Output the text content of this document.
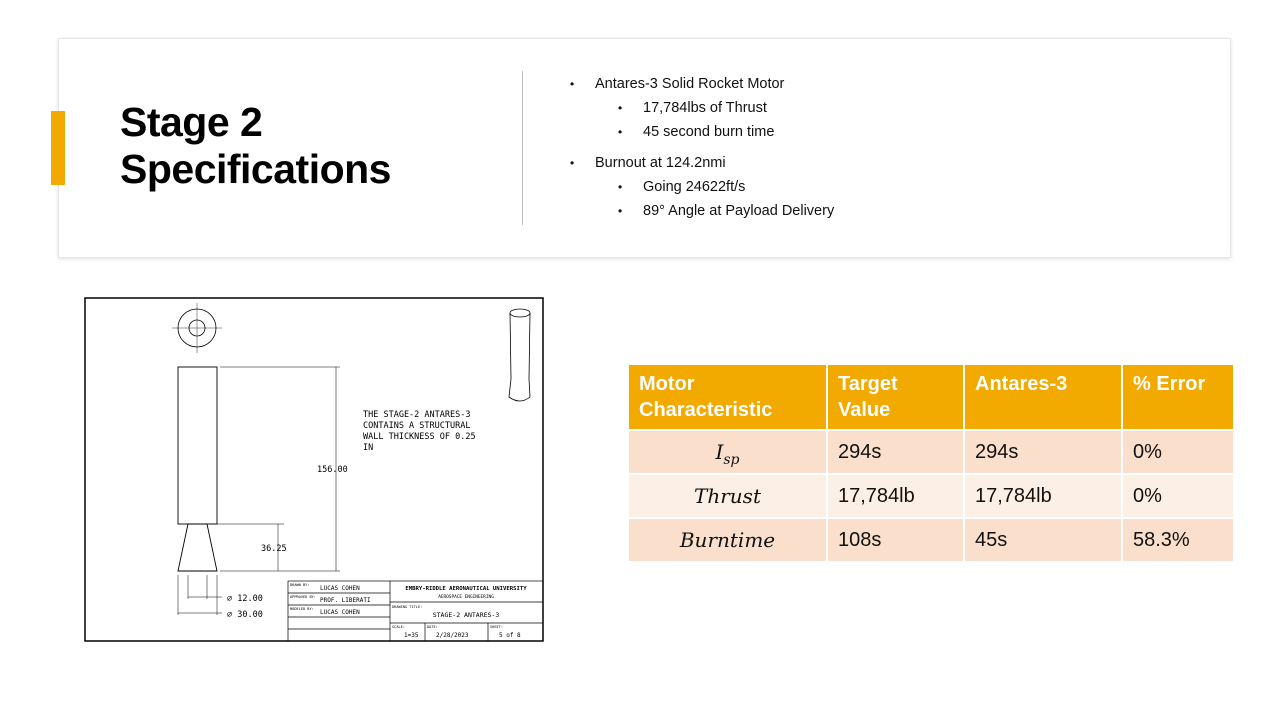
Stage 2
Specifications
• Antares-3 Solid Rocket Motor
• 17,784lbs of Thrust
• 45 second burn time
• Burnout at 124.2nmi
• Going 24622ft/s
• 89° Angle at Payload Delivery
THE STAGE-2 ANTARES-3
CONTAINS A STRUCTURAL
WALL THICKNESS OF 0.25
IN
156.00
36.25
∅ 12.00
∅ 30.00
DRAWN BY:
APPROVED BY:
MODELED BY:	DRAWING TITLE:
SCALE:	DATE:	SHEET:
LUCAS COHEN
PROF. LIBERATI
LUCAS COHEN
EMBRY-RIDDLE AERONAUTICAL UNIVERSITY
AEROSPACE ENGINEERING
STAGE-2 ANTARES-3
1=35	2/28/2023	5 of 8
Motor Characteristic	Target Value	Antares-3	% Error
$I_{sp}$	294s	294s	0%
Thrust	17,784lb	17,784lb	0%
Burntime	108s	45s	58.3%
